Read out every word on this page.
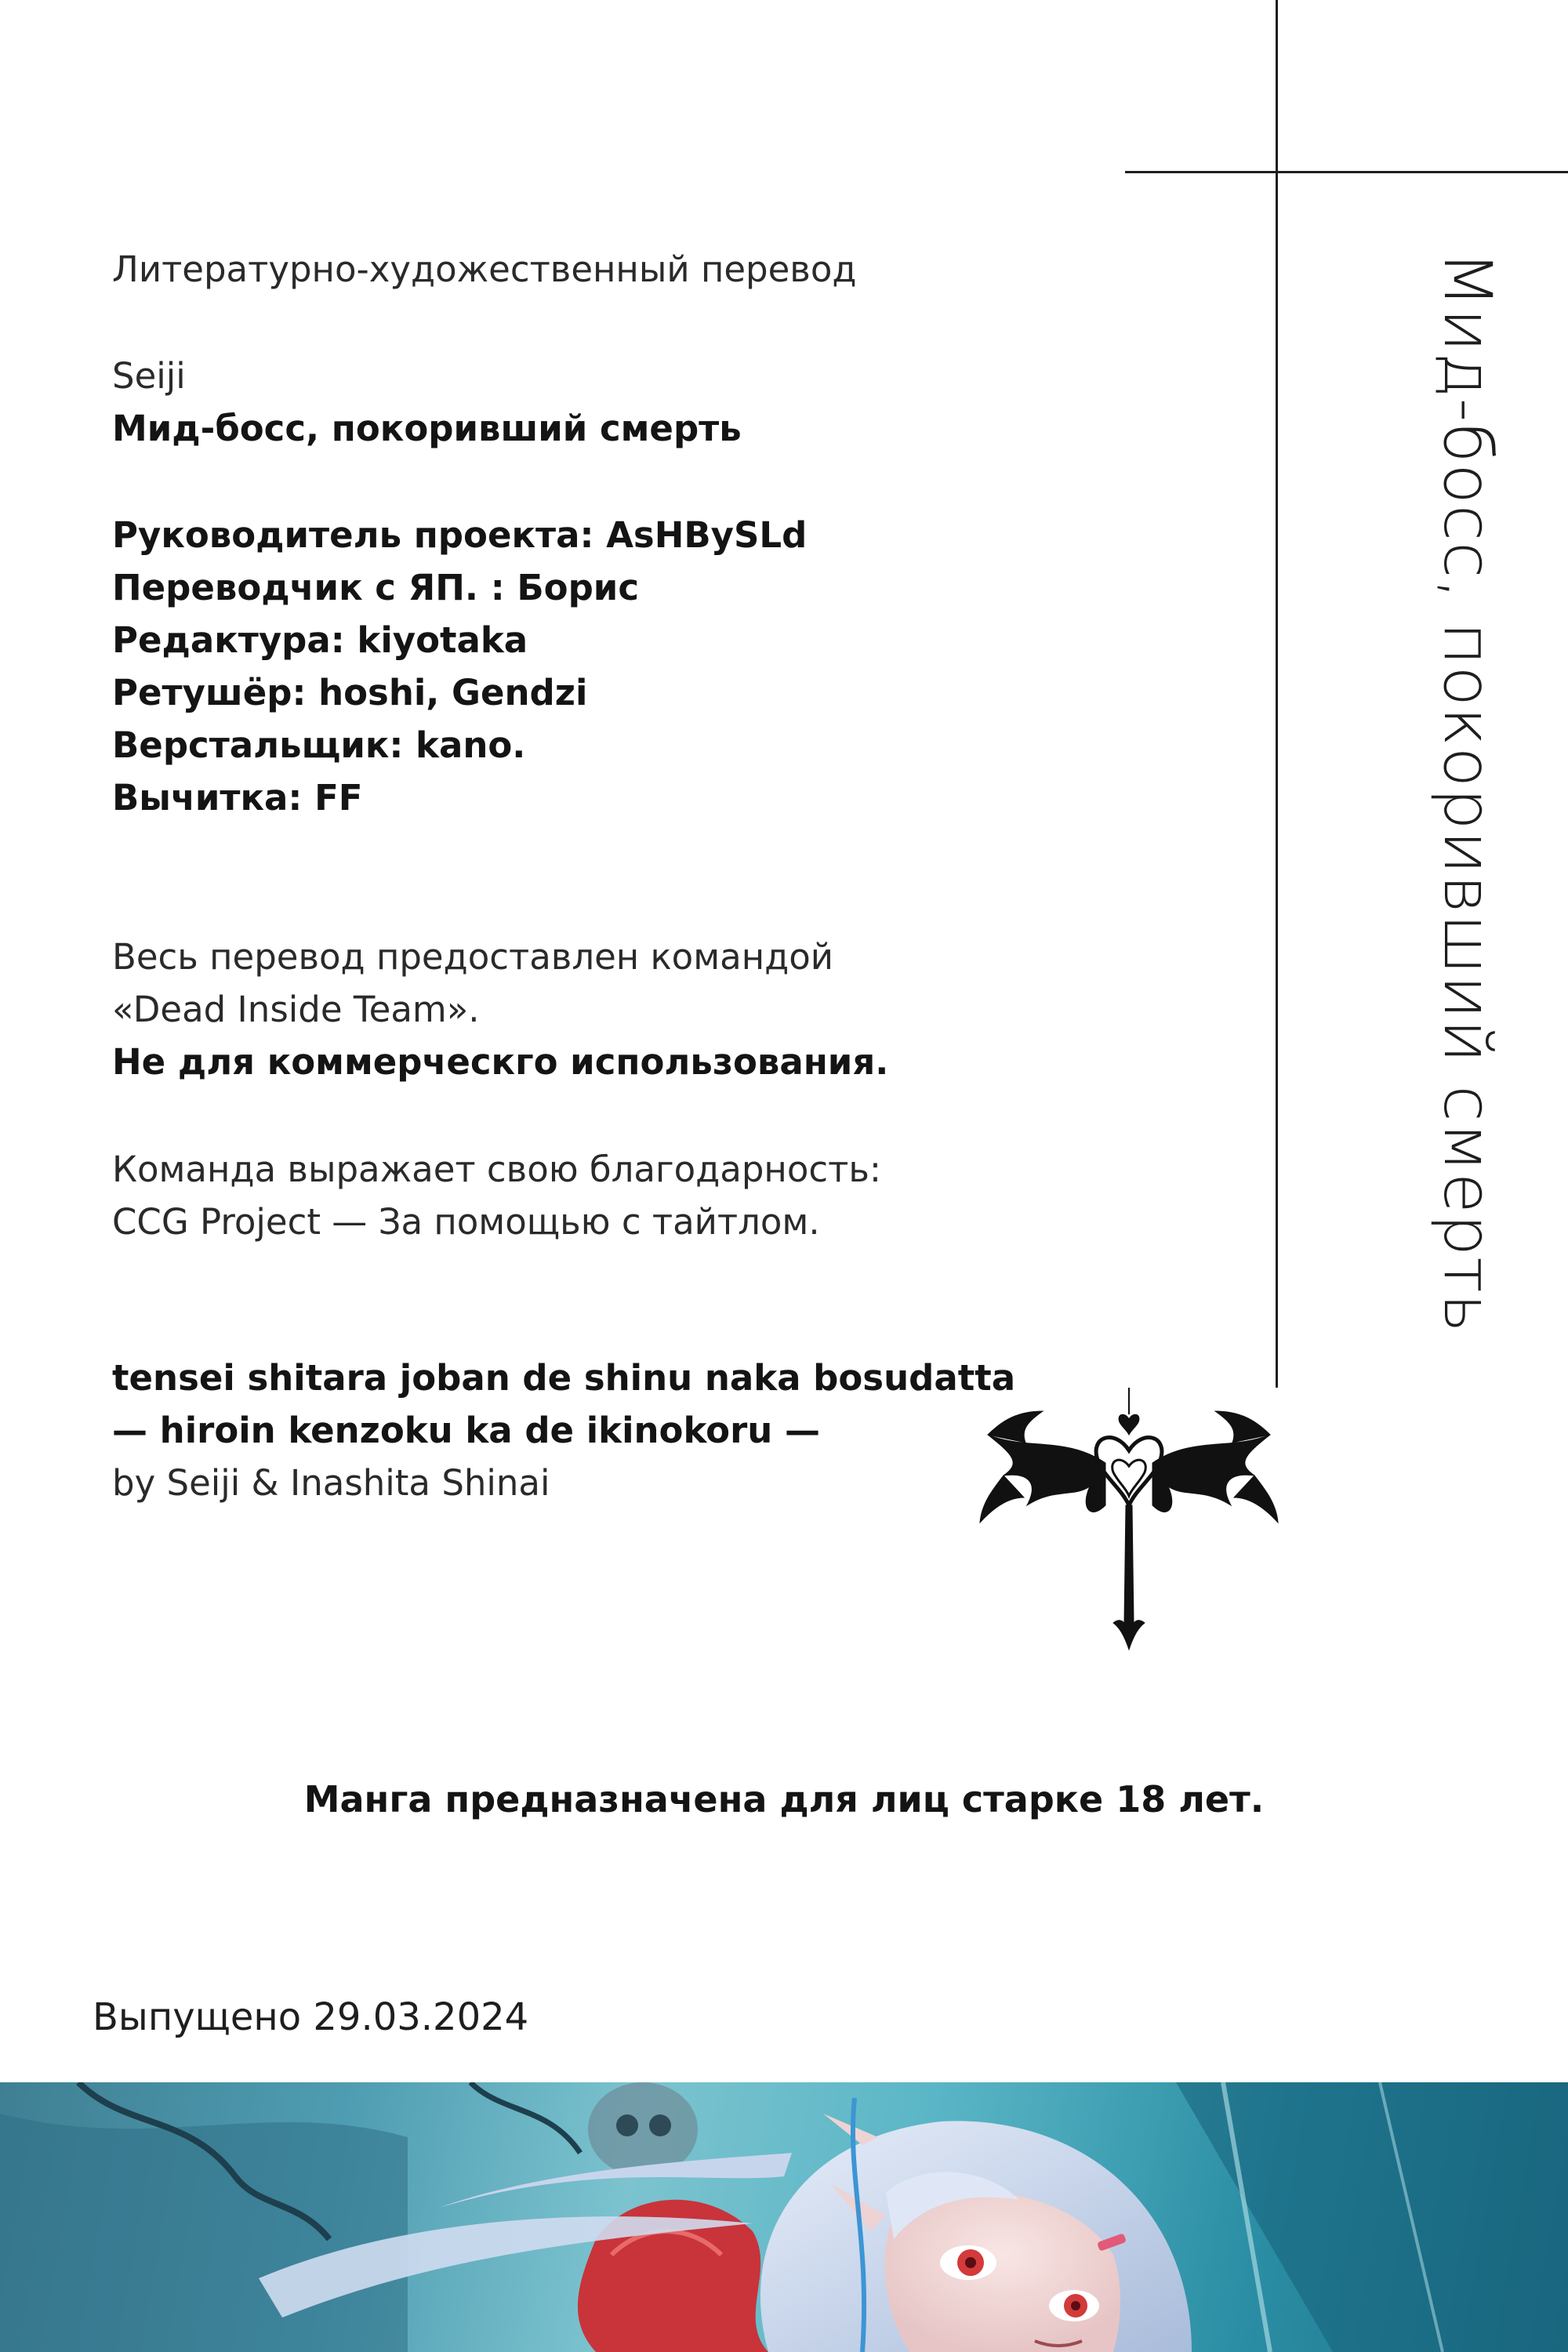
Мид-босс, покоривший смерть
Литературно-художественный перевод
Seiji
Мид-босс, покоривший смерть
Руководитель проекта: AsHBySLd
Переводчик с ЯП. : Борис
Редактура: kiyotaka
Ретушёр: hoshi, Gendzi
Верстальщик: kano.
Вычитка: FF
Весь перевод предоставлен командой
«Dead Inside Team».
Не для коммерческго использования.
Команда выражает свою благодарность:
CCG Project — За помощью с тайтлом.
tensei shitara joban de shinu naka bosudatta
— hiroin kenzoku ka de ikinokoru —
by Seiji & Inashita Shinai
Манга предназначена для лиц старке 18 лет.
Выпущено 29.03.2024
